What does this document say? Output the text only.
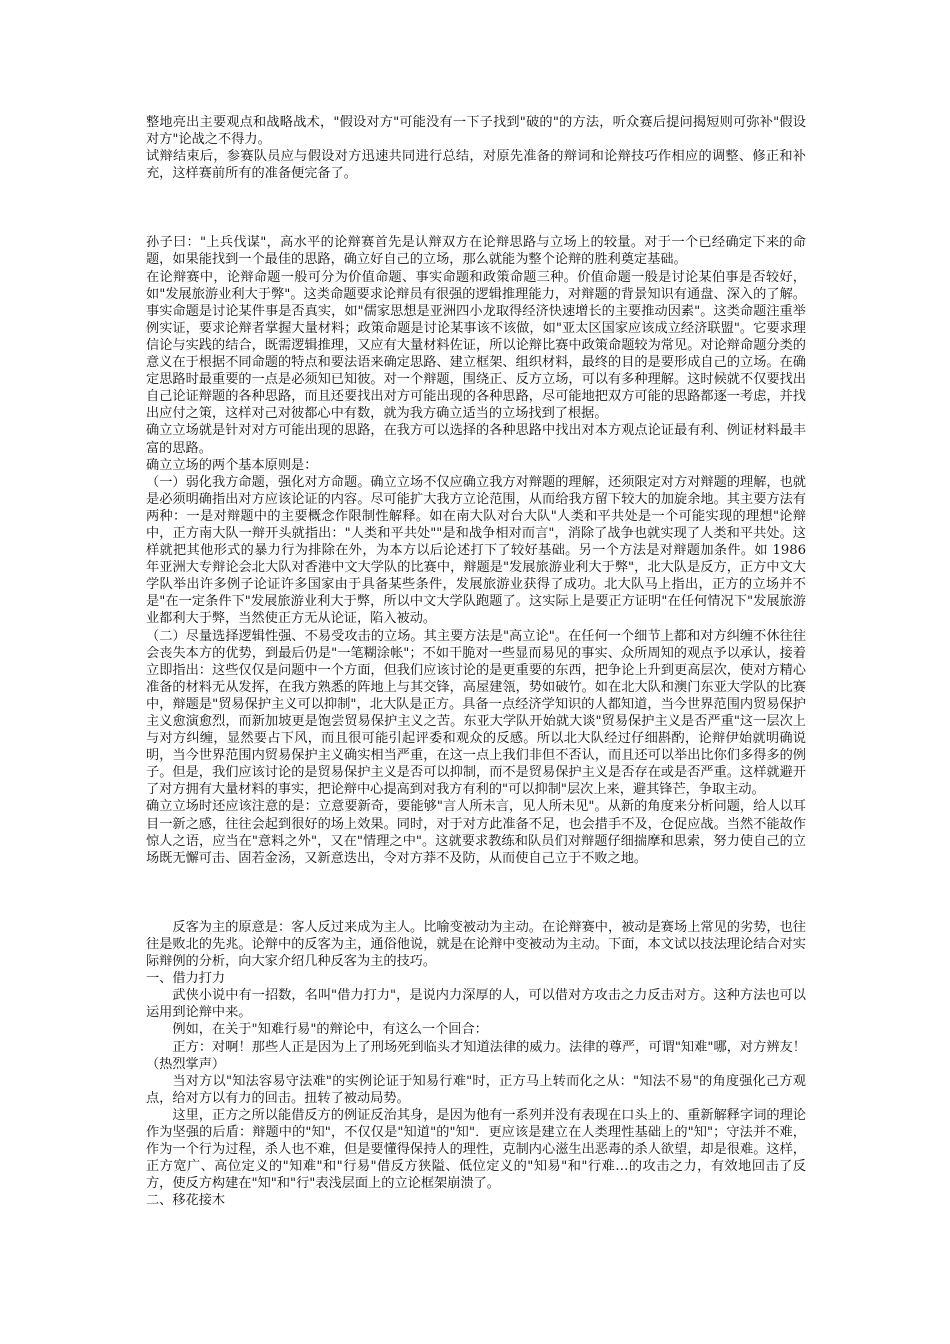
整地亮出主要观点和战略战术，"假设对方"可能没有一下子找到"破的"的方法，听众赛后提问揭短则可弥补"假设对方"论战之不得力。

试辩结束后，参赛队员应与假设对方迅速共同进行总结，对原先准备的辩词和论辩技巧作相应的调整、修正和补充，这样赛前所有的准备便完备了。

孙子曰："上兵伐谋"，高水平的论辩赛首先是认辩双方在论辩思路与立场上的较量。对于一个已经确定下来的命题，如果能找到一个最佳的思路，确立好自己的立场，那么就能为整个论辩的胜利奠定基础。

在论辩赛中，论辩命题一般可分为价值命题、事实命题和政策命题三种。价值命题一般是讨论某伯事是否较好，如"发展旅游业利大于弊"。这类命题要求论辩员有很强的逻辑推理能力，对辩题的背景知识有通盘、深入的了解。事实命题是讨论某件事是否真实，如"儒家思想是亚洲四小龙取得经济快速增长的主要推动因素"。这类命题注重举例实证，要求论辩者掌握大量材料；政策命题是讨论某事该不该做，如"亚太区国家应该成立经济联盟"。它要求理信论与实践的结合，既需逻辑推理，又应有大量材料佐证，所以论辩比赛中政策命题较为常见。对论辩命题分类的意义在于根据不同命题的特点和要法语来确定思路、建立框架、组织材料，最终的目的是要形成自己的立场。在确定思路时最重要的一点是必须知已知彼。对一个辩题，围绕正、反方立场，可以有多种理解。这时候就不仅要找出自己论证辩题的各种思路，而且还要找出对方可能出现的各种思路，尽可能地把双方可能的思路都逐一考虑，并找出应付之策，这样对己对彼都心中有数，就为我方确立适当的立场找到了根据。

确立立场就是针对对方可能出现的思路，在我方可以选择的各种思路中找出对本方观点论证最有利、例证材料最丰富的思路。

确立立场的两个基本原则是：

（一）弱化我方命题，强化对方命题。确立立场不仅应确立我方对辩题的理解，还须限定对方对辩题的理解，也就是必须明确指出对方应该论证的内容。尽可能扩大我方立论范围，从而给我方留下较大的加旋余地。其主要方法有两种：一是对辩题中的主要概念作限制性解释。如在南大队对台大队"人类和平共处是一个可能实现的理想"论辩中，正方南大队一辩开头就指出："人类和平共处""是和战争相对而言"，消除了战争也就实现了人类和平共处。这样就把其他形式的暴力行为排除在外，为本方以后论述打下了较好基础。另一个方法是对辩题加条件。如 1986 年亚洲大专辩论会北大队对香港中文大学队的比赛中，辩题是"发展旅游业利大于弊"，北大队是反方，正方中文大学队举出许多例子论证许多国家由于具备某些条件，发展旅游业获得了成功。北大队马上指出，正方的立场并不是"在一定条件下"发展旅游业利大于弊，所以中文大学队跑题了。这实际上是要正方证明"在任何情况下"发展旅游业都利大于弊，当然使正方无从论证，陷入被动。

（二）尽量选择逻辑性强、不易受攻击的立场。其主要方法是"高立论"。在任何一个细节上都和对方纠缠不休往往会丧失本方的优势，到最后仍是"一笔糊涂帐"；不如干脆对一些显而易见的事实、众所周知的观点予以承认，接着立即指出：这些仅仅是问题中一个方面，但我们应该讨论的是更重要的东西，把争论上升到更高层次，使对方精心准备的材料无从发挥，在我方熟悉的阵地上与其交锋，高屋建瓴，势如破竹。如在北大队和澳门东亚大学队的比赛中，辩题是"贸易保护主义可以抑制"，北大队是正方。具备一点经济学知识的人都知道，当今世界范围内贸易保护主义愈演愈烈，而新加坡更是饱尝贸易保护主义之苦。东亚大学队开始就大谈"贸易保护主义是否严重"这一层次上与对方纠缠，显然要占下风，而且很可能引起评委和观众的反感。所以北大队经过仔细斟酌，论辩伊始就明确说明，当今世界范围内贸易保护主义确实相当严重，在这一点上我们非但不否认，而且还可以举出比你们多得多的例子。但是，我们应该讨论的是贸易保护主义是否可以抑制，而不是贸易保护主义是否存在或是否严重。这样就避开了对方拥有大量材料的事实，把论辩中心提高到对我方有利的"可以抑制"层次上来，避其锋芒，争取主动。

确立立场时还应该注意的是：立意要新奇，要能够"言人所未言，见人所未见"。从新的角度来分析问题，给人以耳目一新之感，往往会起到很好的场上效果。同时，对于对方此准备不足，也会措手不及，仓促应战。当然不能故作惊人之语，应当在"意料之外"，又在"情理之中"。这就要求教练和队员们对辩题仔细揣摩和思索，努力使自己的立场既无懈可击、固若金汤，又新意迭出，令对方莽不及防，从而使自己立于不败之地。

反客为主的原意是：客人反过来成为主人。比喻变被动为主动。在论辩赛中，被动是赛场上常见的劣势，也往往是败北的先兆。论辩中的反客为主，通俗他说，就是在论辩中变被动为主动。下面，本文试以技法理论结合对实际辩例的分析，向大家介绍几种反客为主的技巧。

一、借力打力

武侠小说中有一招数，名叫"借力打力"，是说内力深厚的人，可以借对方攻击之力反击对方。这种方法也可以运用到论辩中来。

例如，在关于"知难行易"的辩论中，有这么一个回合：

正方：对啊！那些人正是因为上了刑场死到临头才知道法律的威力。法律的尊严，可谓"知难"哪，对方辨友！（热烈掌声）

当对方以"知法容易守法难"的实例论证于知易行难"时，正方马上转而化之从："知法不易"的角度强化己方观点，给对方以有力的回击。扭转了被动局势。

这里，正方之所以能借反方的例证反治其身，是因为他有一系列并没有表现在口头上的、重新解释字词的理论作为坚强的后盾：辩题中的"知"，不仅仅是"知道"的"知"．更应该是建立在人类理性基础上的"知"；守法并不难，作为一个行为过程，杀人也不难，但是要懂得保持人的理性，克制内心滋生出恶毒的杀人欲望，却是很难。这样，正方宽广、高位定义的"知难"和"行易"借反方狭隘、低位定义的"知易"和"行难…的攻击之力，有效地回击了反方，使反方构建在"知"和"行"表浅层面上的立论框架崩溃了。

二、移花接木
